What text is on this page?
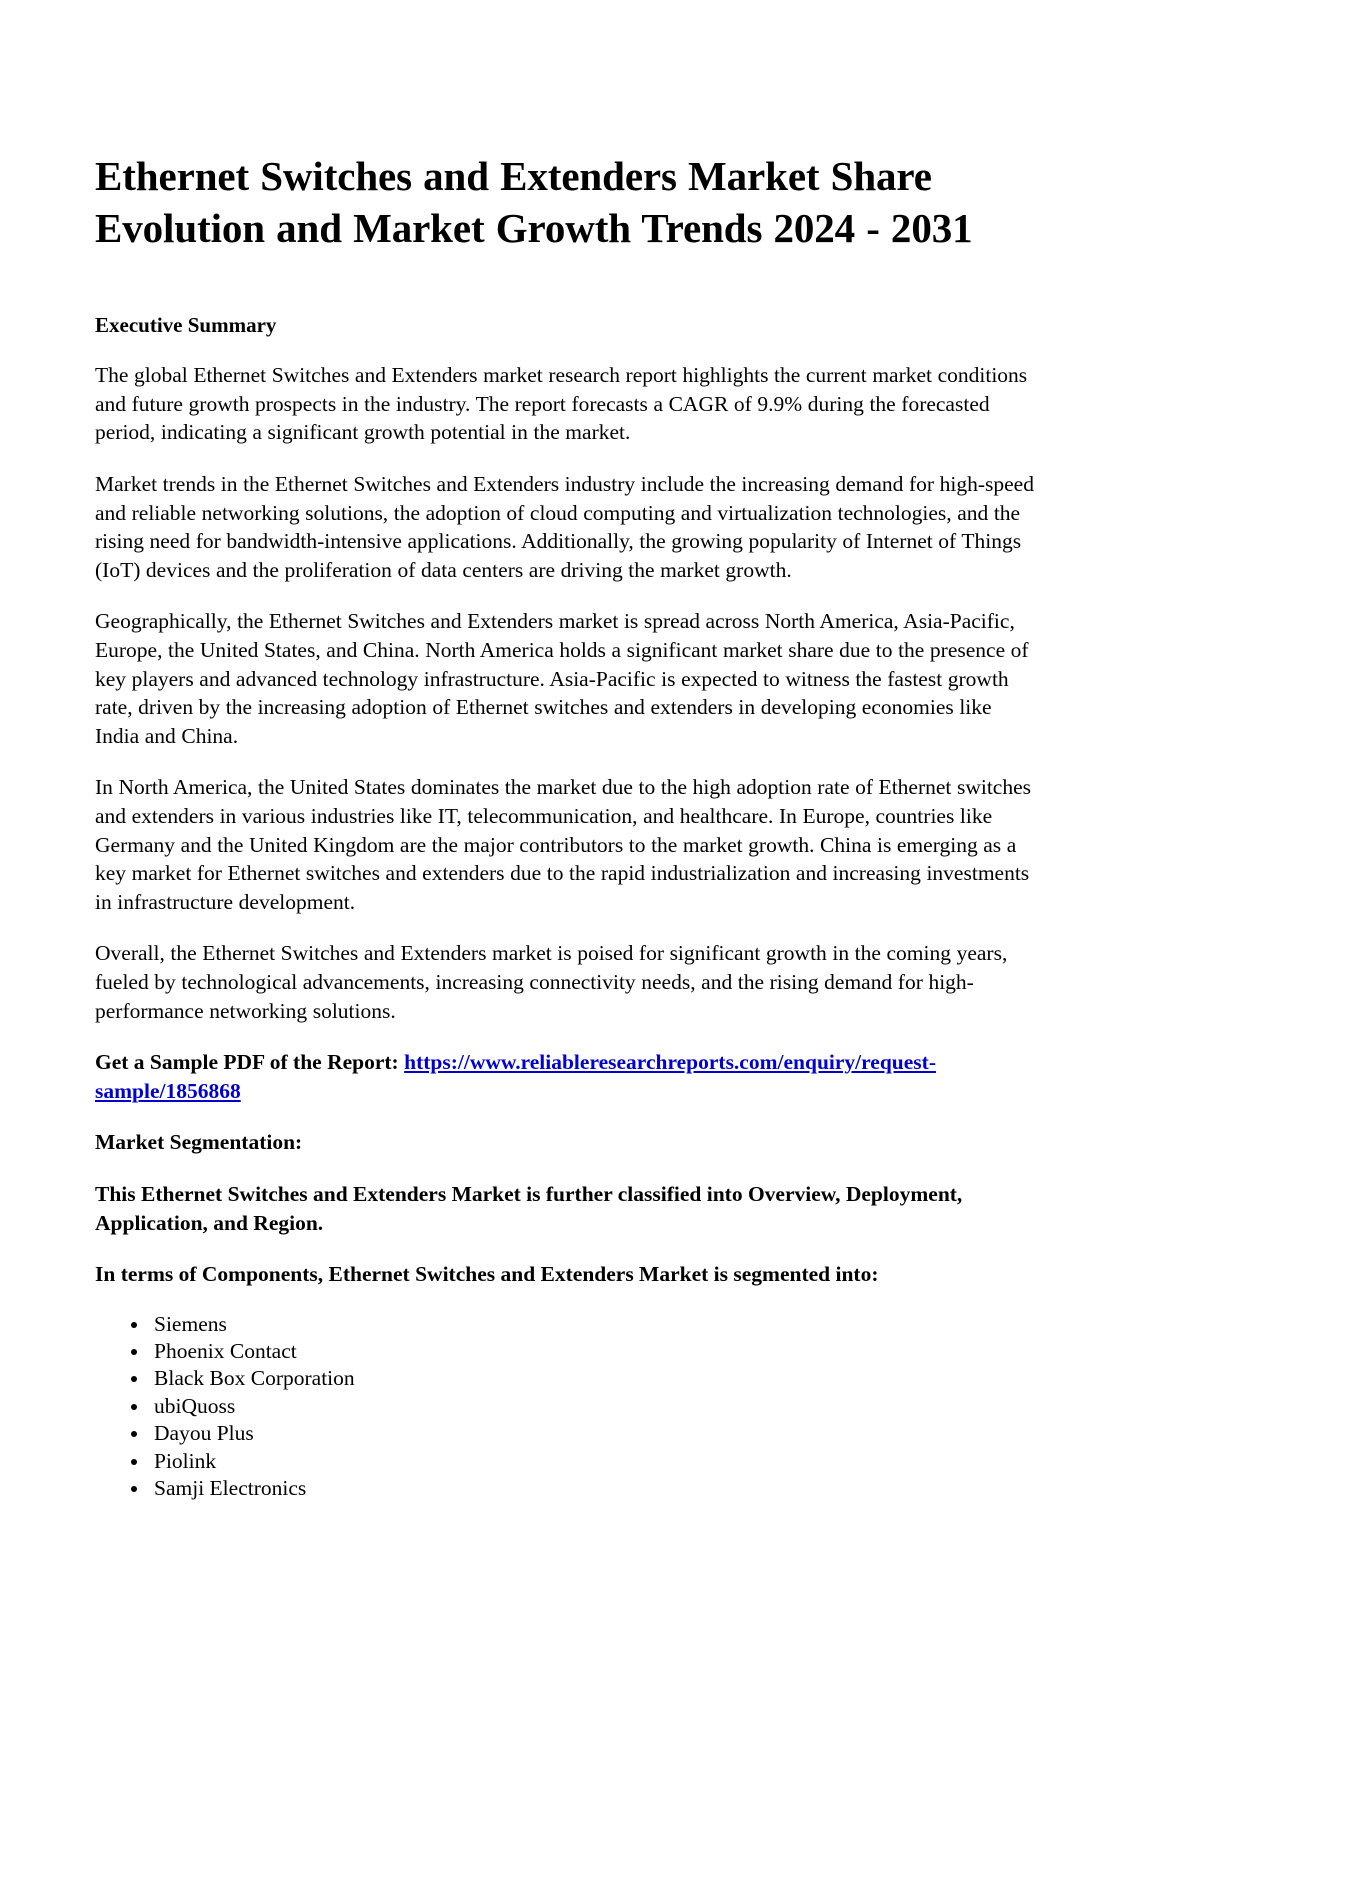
Ethernet Switches and Extenders Market Share Evolution and Market Growth Trends 2024 - 2031
Executive Summary

The global Ethernet Switches and Extenders market research report highlights the current market conditions and future growth prospects in the industry. The report forecasts a CAGR of 9.9% during the forecasted period, indicating a significant growth potential in the market.

Market trends in the Ethernet Switches and Extenders industry include the increasing demand for high-speed and reliable networking solutions, the adoption of cloud computing and virtualization technologies, and the rising need for bandwidth-intensive applications. Additionally, the growing popularity of Internet of Things (IoT) devices and the proliferation of data centers are driving the market growth.

Geographically, the Ethernet Switches and Extenders market is spread across North America, Asia-Pacific, Europe, the United States, and China. North America holds a significant market share due to the presence of key players and advanced technology infrastructure. Asia-Pacific is expected to witness the fastest growth rate, driven by the increasing adoption of Ethernet switches and extenders in developing economies like India and China.

In North America, the United States dominates the market due to the high adoption rate of Ethernet switches and extenders in various industries like IT, telecommunication, and healthcare. In Europe, countries like Germany and the United Kingdom are the major contributors to the market growth. China is emerging as a key market for Ethernet switches and extenders due to the rapid industrialization and increasing investments in infrastructure development.

Overall, the Ethernet Switches and Extenders market is poised for significant growth in the coming years, fueled by technological advancements, increasing connectivity needs, and the rising demand for high-performance networking solutions.

Get a Sample PDF of the Report: https://www.reliableresearchreports.com/enquiry/request-sample/1856868

Market Segmentation:

This Ethernet Switches and Extenders Market is further classified into Overview, Deployment, Application, and Region.

In terms of Components, Ethernet Switches and Extenders Market is segmented into:

• Siemens
• Phoenix Contact
• Black Box Corporation
• ubiQuoss
• Dayou Plus
• Piolink
• Samji Electronics
